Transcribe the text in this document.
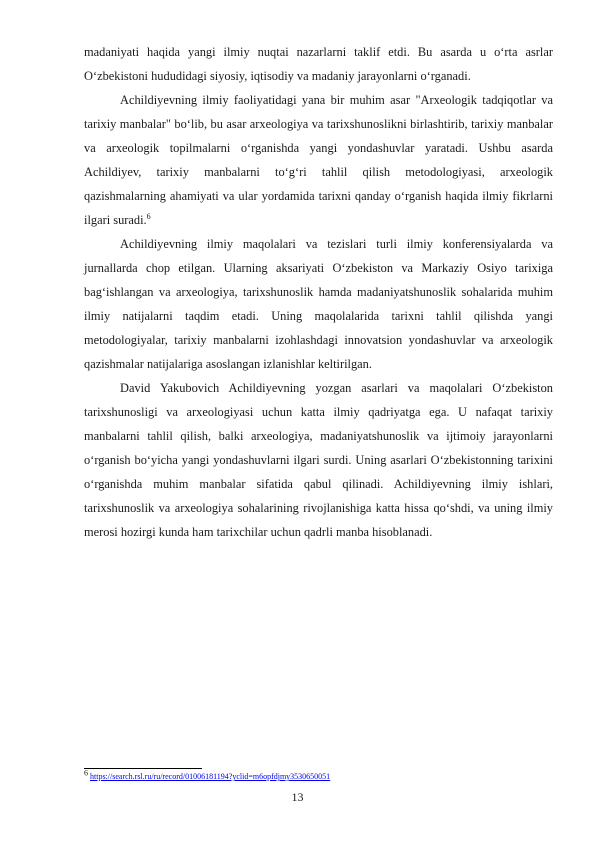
madaniyati haqida yangi ilmiy nuqtai nazarlarni taklif etdi. Bu asarda u o‘rta asrlar O‘zbekistoni hududidagi siyosiy, iqtisodiy va madaniy jarayonlarni o‘rganadi.

Achildiyevning ilmiy faoliyatidagi yana bir muhim asar "Arxeologik tadqiqotlar va tarixiy manbalar" bo‘lib, bu asar arxeologiya va tarixshunoslikni birlashtirib, tarixiy manbalar va arxeologik topilmalarni o‘rganishda yangi yondashuvlar yaratadi. Ushbu asarda Achildiyev, tarixiy manbalarni to‘g‘ri tahlil qilish metodologiyasi, arxeologik qazishmalarning ahamiyati va ular yordamida tarixni qanday o‘rganish haqida ilmiy fikrlarni ilgari suradi.$^6$

Achildiyevning ilmiy maqolalari va tezislari turli ilmiy konferensiyalarda va jurnallarda chop etilgan. Ularning aksariyati O‘zbekiston va Markaziy Osiyo tarixiga bag‘ishlangan va arxeologiya, tarixshunoslik hamda madaniyatshunoslik sohalarida muhim ilmiy natijalarni taqdim etadi. Uning maqolalarida tarixni tahlil qilishda yangi metodologiyalar, tarixiy manbalarni izohlashdagi innovatsion yondashuvlar va arxeologik qazishmalar natijalariga asoslangan izlanishlar keltirilgan.

David Yakubovich Achildiyevning yozgan asarlari va maqolalari O‘zbekiston tarixshunosligi va arxeologiyasi uchun katta ilmiy qadriyatga ega. U nafaqat tarixiy manbalarni tahlil qilish, balki arxeologiya, madaniyatshunoslik va ijtimoiy jarayonlarni o‘rganish bo‘yicha yangi yondashuvlarni ilgari surdi. Uning asarlari O‘zbekistonning tarixini o‘rganishda muhim manbalar sifatida qabul qilinadi. Achildiyevning ilmiy ishlari, tarixshunoslik va arxeologiya sohalarining rivojlanishiga katta hissa qo‘shdi, va uning ilmiy merosi hozirgi kunda ham tarixchilar uchun qadrli manba hisoblanadi.

$^6$ https://search.rsl.ru/ru/record/01006181194?yclid=m6opfdjmy3530650051
13
